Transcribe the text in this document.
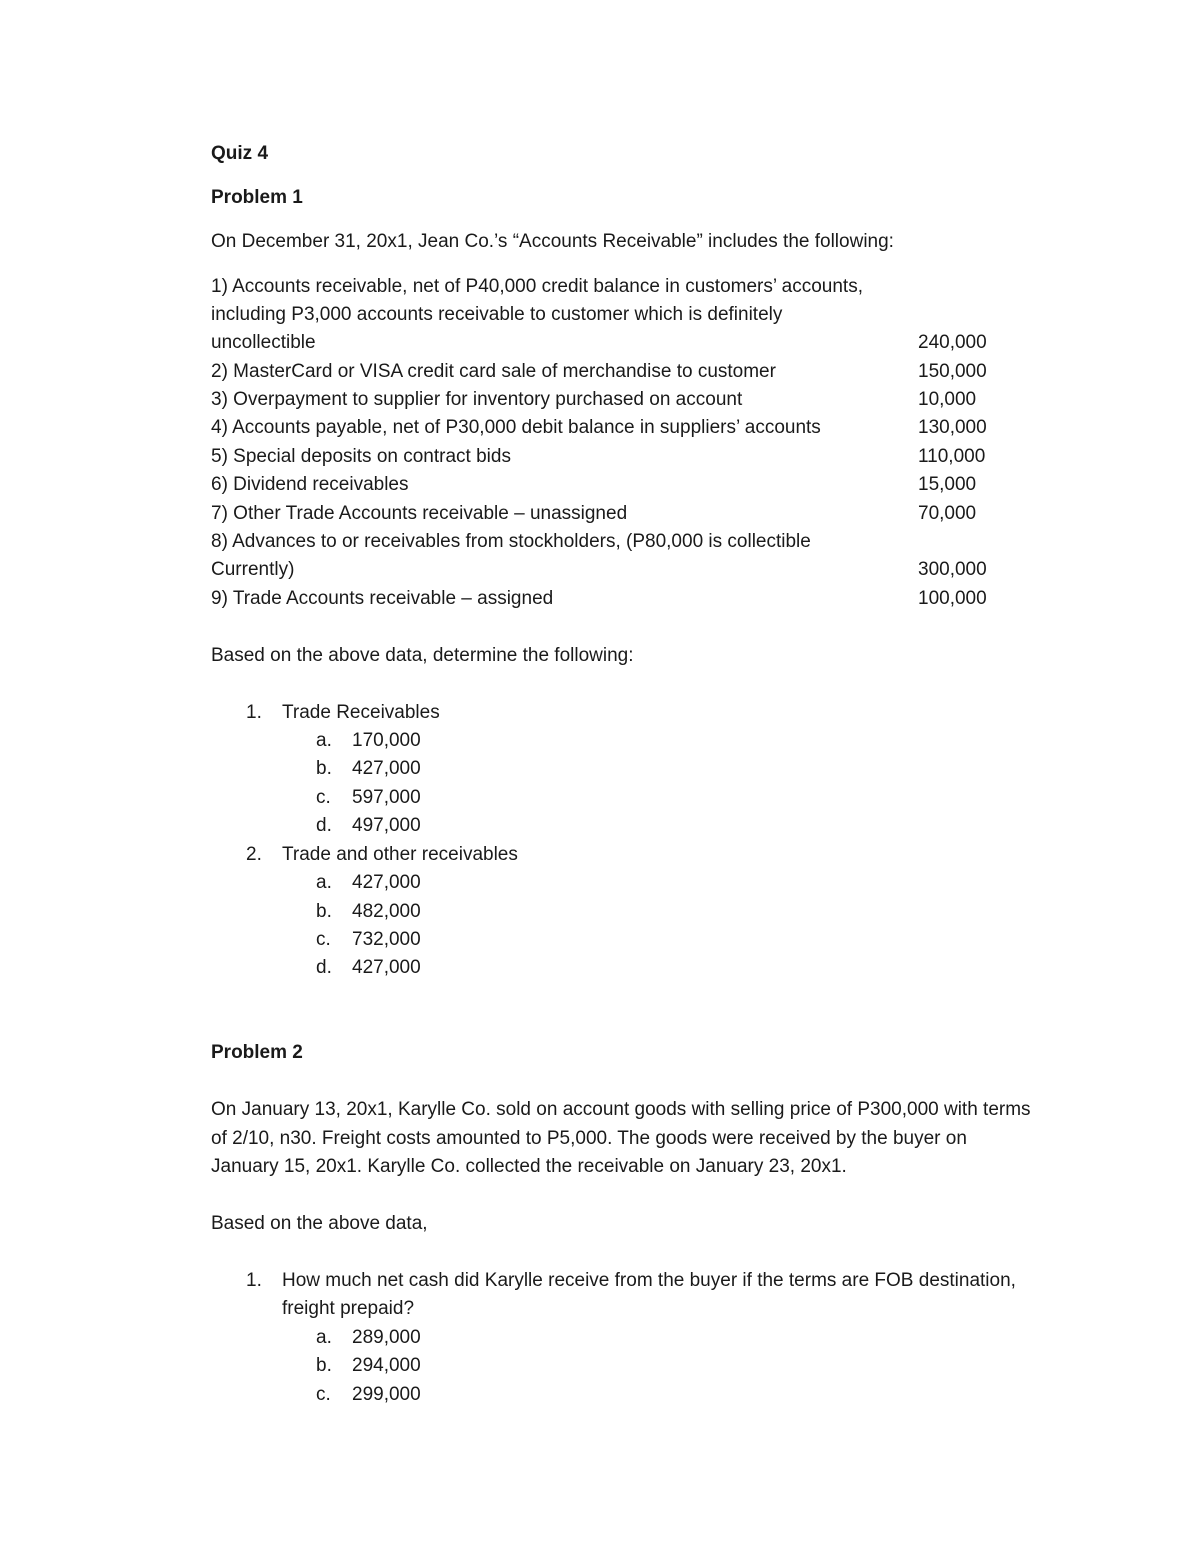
Quiz 4
Problem 1
On December 31, 20x1, Jean Co.’s “Accounts Receivable” includes the following:
1) Accounts receivable, net of P40,000 credit balance in customers’ accounts,
including P3,000 accounts receivable to customer which is definitely
uncollectible	240,000
2) MasterCard or VISA credit card sale of merchandise to customer	150,000
3) Overpayment to supplier for inventory purchased on account	10,000
4) Accounts payable, net of P30,000 debit balance in suppliers’ accounts	130,000
5) Special deposits on contract bids	110,000
6) Dividend receivables	15,000
7) Other Trade Accounts receivable – unassigned	70,000
8) Advances to or receivables from stockholders, (P80,000 is collectible
Currently)	300,000
9) Trade Accounts receivable – assigned	100,000
Based on the above data, determine the following:
1. Trade Receivables
a. 170,000
b. 427,000
c. 597,000
d. 497,000
2. Trade and other receivables
a. 427,000
b. 482,000
c. 732,000
d. 427,000
Problem 2
On January 13, 20x1, Karylle Co. sold on account goods with selling price of P300,000 with terms
of 2/10, n30. Freight costs amounted to P5,000. The goods were received by the buyer on
January 15, 20x1. Karylle Co. collected the receivable on January 23, 20x1.
Based on the above data,
1. How much net cash did Karylle receive from the buyer if the terms are FOB destination,
freight prepaid?
a. 289,000
b. 294,000
c. 299,000
